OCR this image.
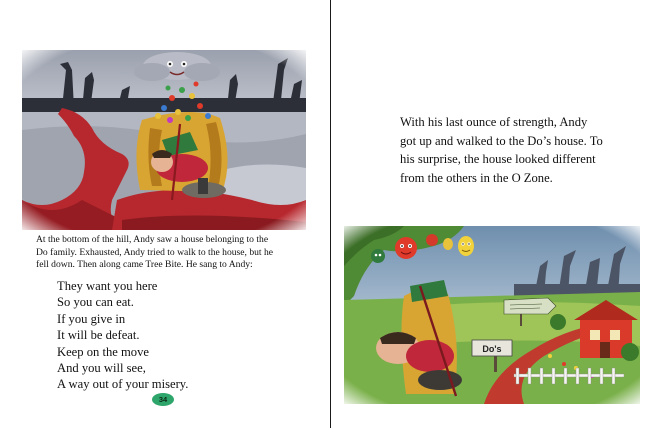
At the bottom of the hill, Andy saw a house belonging to the
Do family. Exhausted, Andy tried to walk to the house, but he
fell down. Then along came Tree Bite. He sang to Andy:
They want you here
So you can eat.
If you give in
It will be defeat.
Keep on the move
And you will see,
A way out of your misery.
34
With his last ounce of strength, Andy
got up and walked to the Do’s house. To
his surprise, the house looked different
from the others in the O Zone.
